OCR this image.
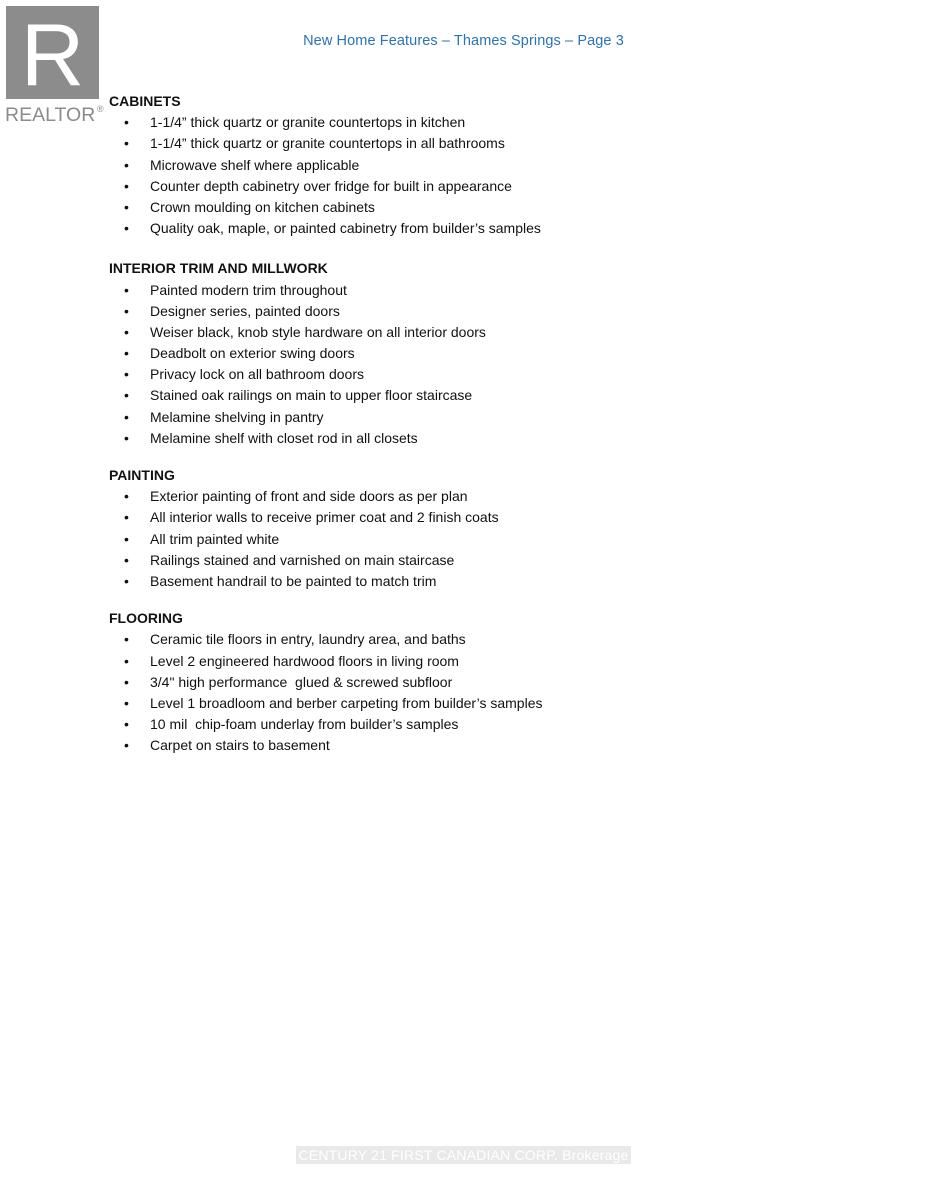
R
REALTOR ®
New Home Features – Thames Springs – Page 3

CABINETS

• 1-1/4” thick quartz or granite countertops in kitchen
• 1-1/4” thick quartz or granite countertops in all bathrooms
• Microwave shelf where applicable
• Counter depth cabinetry over fridge for built in appearance
• Crown moulding on kitchen cabinets
• Quality oak, maple, or painted cabinetry from builder’s samples

INTERIOR TRIM AND MILLWORK

• Painted modern trim throughout
• Designer series, painted doors
• Weiser black, knob style hardware on all interior doors
• Deadbolt on exterior swing doors
• Privacy lock on all bathroom doors
• Stained oak railings on main to upper floor staircase
• Melamine shelving in pantry
• Melamine shelf with closet rod in all closets

PAINTING

• Exterior painting of front and side doors as per plan
• All interior walls to receive primer coat and 2 finish coats
• All trim painted white
• Railings stained and varnished on main staircase
• Basement handrail to be painted to match trim

FLOORING

• Ceramic tile floors in entry, laundry area, and baths
• Level 2 engineered hardwood floors in living room
• 3/4" high performance  glued & screwed subfloor
• Level 1 broadloom and berber carpeting from builder’s samples
• 10 mil  chip-foam underlay from builder’s samples
• Carpet on stairs to basement
CENTURY 21 FIRST CANADIAN CORP. Brokerage
